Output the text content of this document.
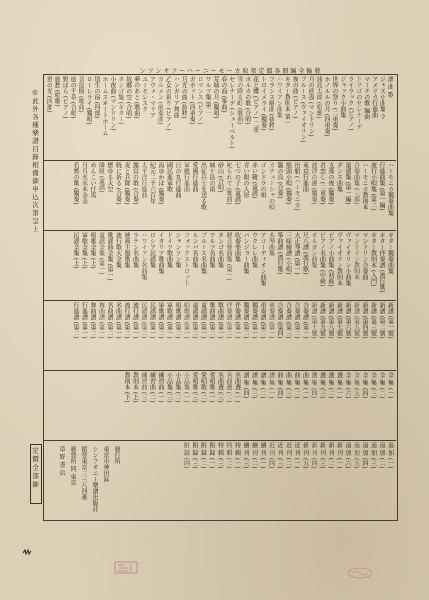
ンフンオフーハーニーモーカ取楽定價各冊編全輪發
◎此外各種樂譜目錄相備御申込次第呈上
定價全部御	發行所
東京市神田區
シンフオニー樂譜出版社
振替東京二三八四番
發賣所 同 東京
草 野 書 店
譜 曲 歌
ジャズ小曲集 ラ
アメリカ行進曲
マーチの歌 編曲
ドリゴのセレナーデ
ライラック (ピアノ)
ジャック小曲集
世界の祭り (二重奏)
ホノルルの月 (四重奏)
浦島太郎 (唱歌)
月の砂漠 (マンドリン)
ブルース (ヴァイオリン)
夜の曲 (ピアノ)
ギター教則本 第一
ハワイアン曲集
フランス組曲 (抜粋)
トロイメライ (獨奏)
花と蝶 (ピアノ) 二重
ポルカの歌 (合唱)
雪の降る町 (歌曲)
セレナーデ (シューベルト)
春の海 (筝曲)
荒城の月 (獨唱)
ワルツ集 第二
ロマンス (ピアノ)
ガボット (四重奏)
月光の曲 (抜粋)
ハンガリア舞曲
乙女の祈り (ピアノ)
カルメン (前奏曲)
アヴェ・マリア
ユーモレスク
夢のあと (歌曲)
故郷の空 (合唱)
タンゴ集 (ギター)
小夜曲 (マンドリン)
ホームスヰートホーム
埴生の宿 (四部)
ローレライ (獨唱)
菩提樹 (歌曲)
庭の千草 (合唱)
野ばら (ピアノ)
旅愁 (唱歌)
蛍の光 (四部)
ハーモニカ獨奏曲集
行進曲集 (第一編)
流行小唄集 (第二)
ハーモニカ教則本
合奏曲集 (三部)
童謡集 (第一編)
ダンス曲集
支那の夜 (獨奏)
君恋し (二重奏)
波浮の港 (獨奏)
東京行進曲
出船 (ハーモニカ)
船頭小唄 (獨奏)
籠の鳥 (合奏)
カチューシャの唄
ゴンドラの唄
赤い靴 (童謡)
青い眼の人形
七つの子 (童謡)
叱られて (歌曲)
砂山 (合唱)
城ケ島の雨
出征兵士を送る歌
愛國行進曲
軍艦行進曲
日の丸行進曲
國民進軍歌
海ゆかば (獨奏)
紀元二千六百年
太平洋行進曲
露営の歌 (合奏)
麦と兵隊 (獨奏)
暁に祈る (合奏)
燃ゆる大空
隣組 (童謡)
めんこい仔馬
月月火水木金金
若鷲の歌 (獨奏)
ギター獨奏曲集
ギター伴奏譜 (流行歌)
ギター教則本 (入門)
マンドリン合奏曲
マンドリン教則本
ヴァイオリン小曲集
ヴァイオリン教則本
ピアノ小曲集 (初級)
ピアノ名曲集 (中級)
オルガン曲集
尺八譜 (流行歌)
大正琴譜 (第一)
三味線譜 (小唄)
筝曲譜 (流行歌)
木琴曲集
アコーディオン曲集
ウクレレ曲集
バンジョー曲集
吹奏楽曲集
軽音楽曲集 (第一)
タンゴ名曲集
ワルツ名曲集
ブルース名曲集
ルンバ名曲集
フォックストロット
シャンソン集
ドイツ歌曲集
イタリア歌曲集
ロシア民謡集
ハワイアン名曲集
ラテン名曲集
映画主題歌集
流行歌大全集
歌謡曲全集 (第一)
童謡全集 (第一)
唱歌全集 (上)
軍歌全集 (上)
民謡全集 (上)
新譜 (第一號)
新譜 (第二號)
新譜 (第三號)
新譜 (第四號)
新譜 (第五號)
新譜 (第六號)
新譜 (第七號)
新譜 (第八號)
新譜 (第九號)
新譜 (第十號)
合奏譜 (第一)
合奏譜 (第二)
合奏譜 (第三)
合奏譜 (第四)
重奏譜 (第一)
重奏譜 (第二)
獨奏譜 (第一)
獨奏譜 (第二)
伴奏譜 (第一)
伴奏譜 (第二)
歌曲譜 (第一)
歌曲譜 (第二)
童謡譜 (第一)
童謡譜 (第二)
唱歌譜 (第一)
唱歌譜 (第二)
軍歌譜 (第一)
軍歌譜 (第二)
民謡譜 (第一)
民謡譜 (第二)
流行譜 (第一)
流行譜 (第二)
名曲譜 (第一)
名曲譜 (第二)
舞曲譜 (第一)
舞曲譜 (第二)
行進譜 (第一)
行進譜 (第二)
全 集 (一)
全 集 (二)
全 集 (三)
全 集 (四)
全 集 (五)
全 集 (六)
選 集 (一)
選 集 (二)
選 集 (三)
選 集 (四)
曲 集 (一)
曲 集 (二)
曲 集 (三)
曲 集 (四)
譜 集 (一)
譜 集 (二)
譜 集 (三)
譜 集 (四)
名曲選 (一)
名曲選 (二)
名曲選 (三)
愛唱歌 (一)
愛唱歌 (二)
愛唱歌 (三)
小品集 (一)
小品集 (二)
小品集 (三)
練習曲 (一)
練習曲 (二)
練習曲 (三)
教則本 (上)
教則本 (下)
追 加 (一)
追 加 (二)
追 加 (三)
追 加 (四)
追 加 (五)
追 加 (六)
新 刊 (一)
新 刊 (二)
新 刊 (三)
新 刊 (四)
新 刊 (五)
近 刊 (一)
近 刊 (二)
近 刊 (三)
近 刊 (四)
續 刊 (一)
續 刊 (二)
續 刊 (三)
特 輯 (一)
特 輯 (二)
特 輯 (三)
附 録 (一)
附 録 (二)
附 録 (三)
附 録 (四)
